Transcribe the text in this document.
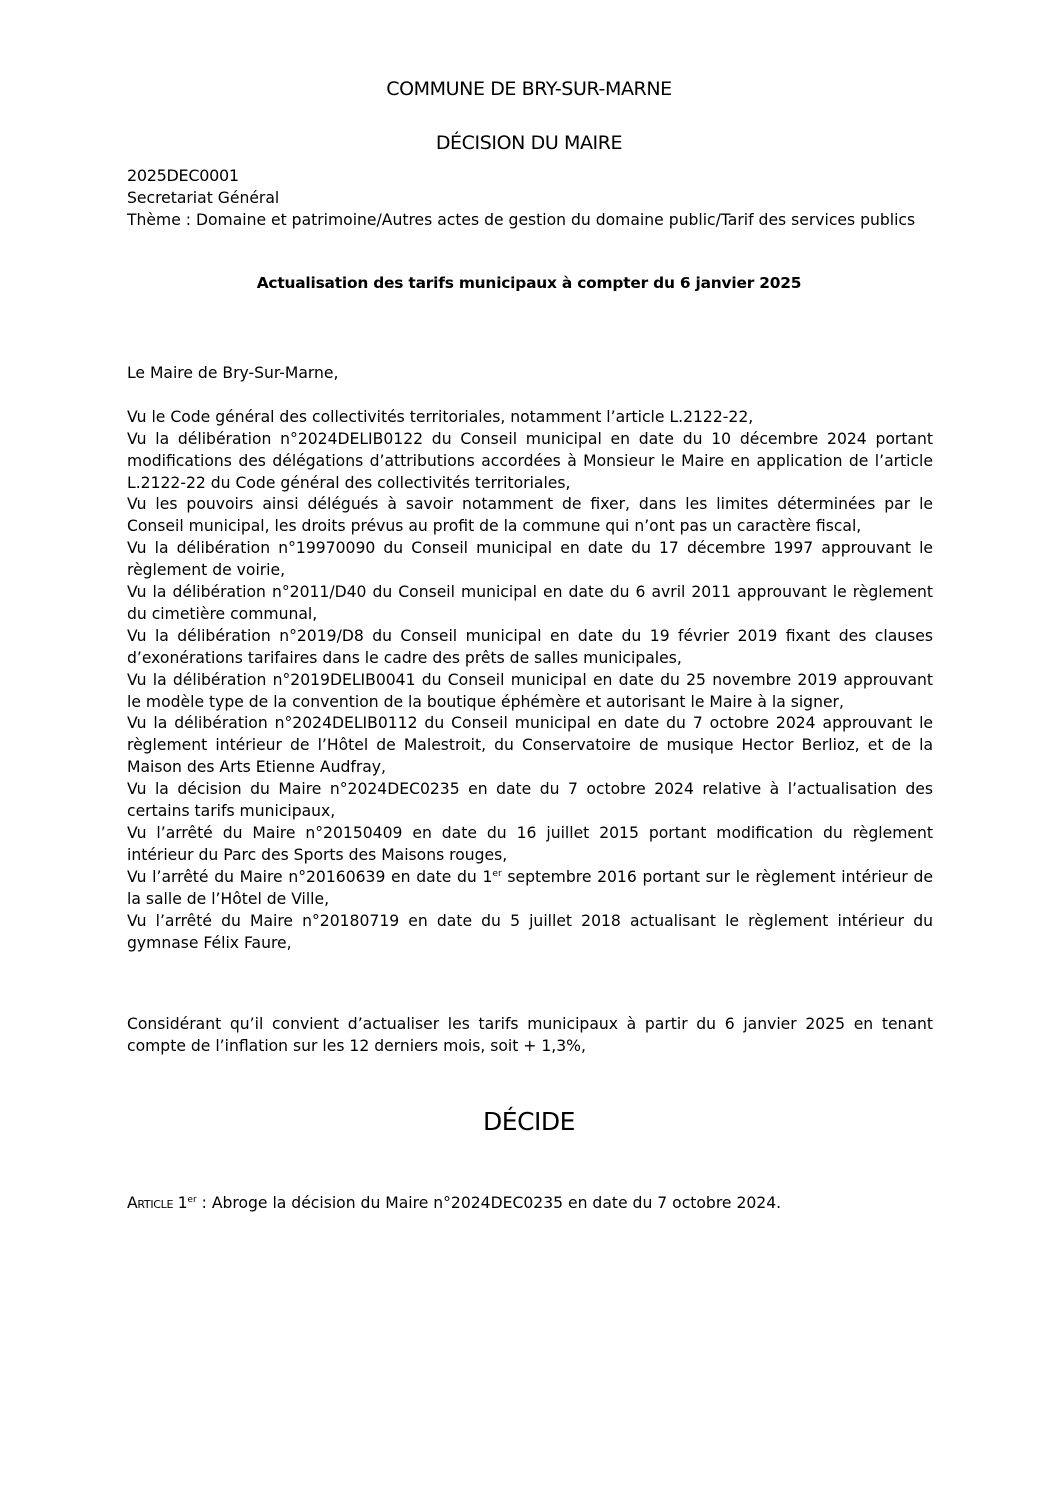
COMMUNE DE BRY-SUR-MARNE
DÉCISION DU MAIRE
2025DEC0001
Secretariat Général
Thème : Domaine et patrimoine/Autres actes de gestion du domaine public/Tarif des services publics
Actualisation des tarifs municipaux à compter du 6 janvier 2025

Le Maire de Bry-Sur-Marne,

Vu le Code général des collectivités territoriales, notamment l’article L.2122-22,

Vu la délibération n°2024DELIB0122 du Conseil municipal en date du 10 décembre 2024 portant modifications des délégations d’attributions accordées à Monsieur le Maire en application de l’article L.2122-22 du Code général des collectivités territoriales,

Vu les pouvoirs ainsi délégués à savoir notamment de fixer, dans les limites déterminées par le Conseil municipal, les droits prévus au profit de la commune qui n’ont pas un caractère fiscal,

Vu la délibération n°19970090 du Conseil municipal en date du 17 décembre 1997 approuvant le règlement de voirie,

Vu la délibération n°2011/D40 du Conseil municipal en date du 6 avril 2011 approuvant le règlement du cimetière communal,

Vu la délibération n°2019/D8 du Conseil municipal en date du 19 février 2019 fixant des clauses d’exonérations tarifaires dans le cadre des prêts de salles municipales,

Vu la délibération n°2019DELIB0041 du Conseil municipal en date du 25 novembre 2019 approuvant le modèle type de la convention de la boutique éphémère et autorisant le Maire à la signer,

Vu la délibération n°2024DELIB0112 du Conseil municipal en date du 7 octobre 2024 approuvant le règlement intérieur de l’Hôtel de Malestroit, du Conservatoire de musique Hector Berlioz, et de la Maison des Arts Etienne Audfray,

Vu la décision du Maire n°2024DEC0235 en date du 7 octobre 2024 relative à l’actualisation des certains tarifs municipaux,

Vu l’arrêté du Maire n°20150409 en date du 16 juillet 2015 portant modification du règlement intérieur du Parc des Sports des Maisons rouges,

Vu l’arrêté du Maire n°20160639 en date du 1er septembre 2016 portant sur le règlement intérieur de la salle de l’Hôtel de Ville,

Vu l’arrêté du Maire n°20180719 en date du 5 juillet 2018 actualisant le règlement intérieur du gymnase Félix Faure,

Considérant qu’il convient d’actualiser les tarifs municipaux à partir du 6 janvier 2025 en tenant compte de l’inflation sur les 12 derniers mois, soit + 1,3%,
DÉCIDE
Article 1er : Abroge la décision du Maire n°2024DEC0235 en date du 7 octobre 2024.
